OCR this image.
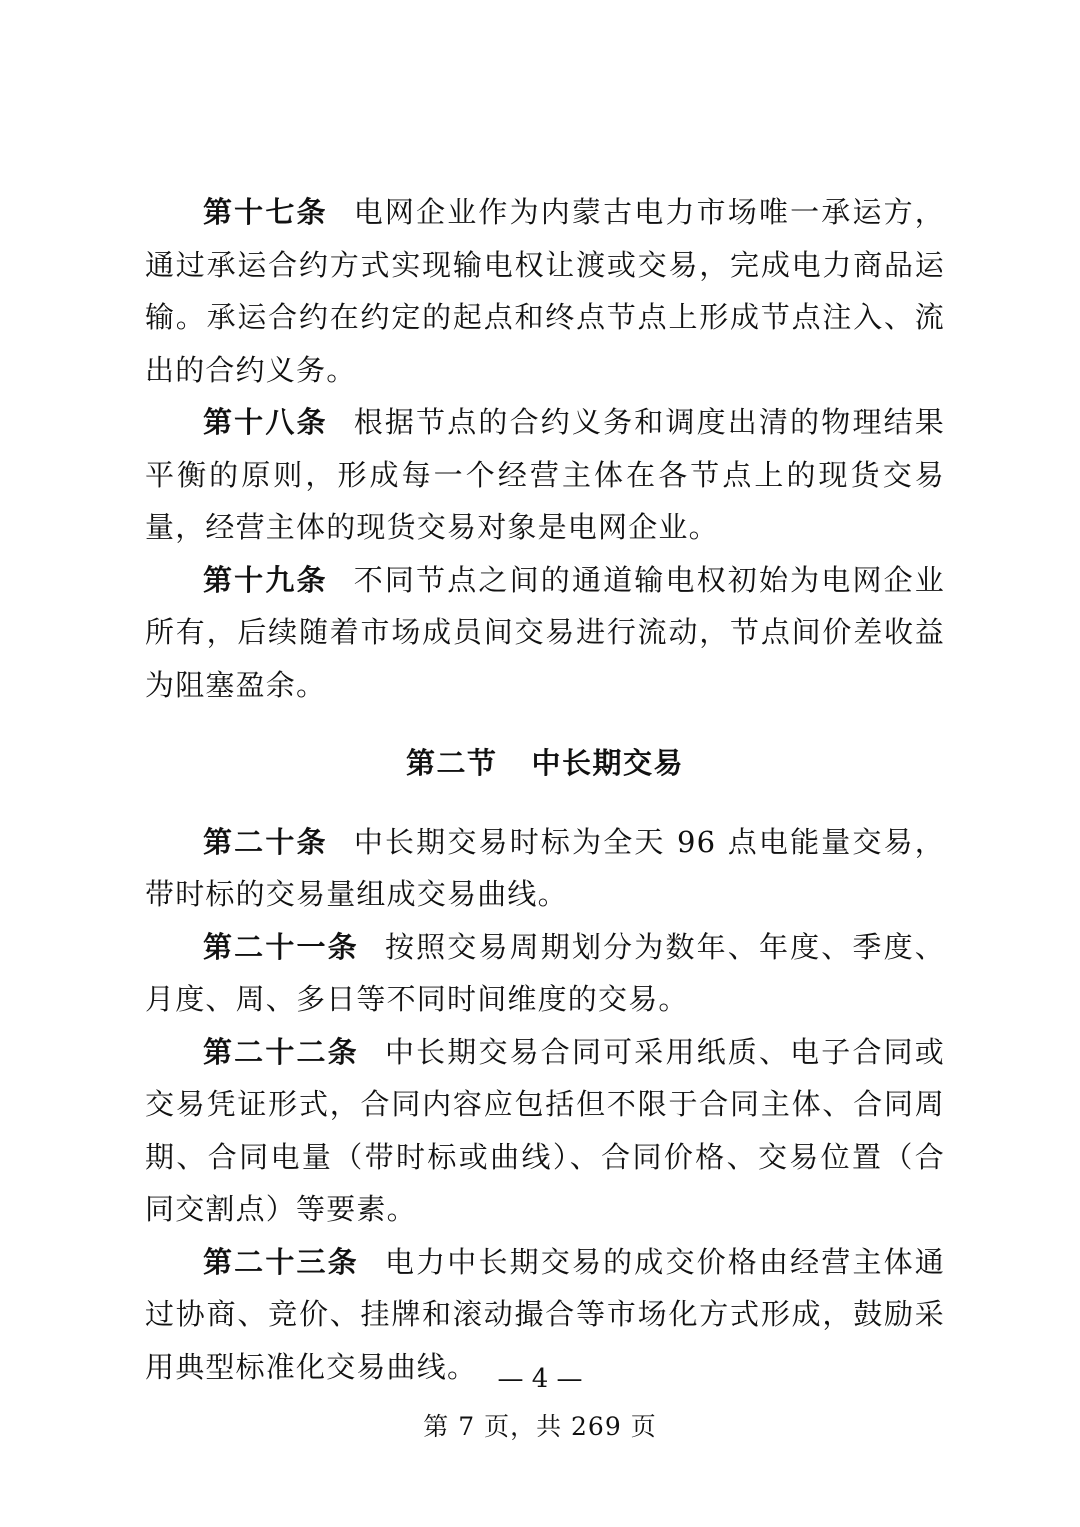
第十七条 电网企业作为内蒙古电力市场唯一承运方，通过承运合约方式实现输电权让渡或交易，完成电力商品运输。承运合约在约定的起点和终点节点上形成节点注入、流出的合约义务。

第十八条 根据节点的合约义务和调度出清的物理结果平衡的原则，形成每一个经营主体在各节点上的现货交易量，经营主体的现货交易对象是电网企业。

第十九条 不同节点之间的通道输电权初始为电网企业所有，后续随着市场成员间交易进行流动，节点间价差收益为阻塞盈余。

第二节 中长期交易

第二十条 中长期交易时标为全天 96 点电能量交易，带时标的交易量组成交易曲线。

第二十一条 按照交易周期划分为数年、年度、季度、月度、周、多日等不同时间维度的交易。

第二十二条 中长期交易合同可采用纸质、电子合同或交易凭证形式，合同内容应包括但不限于合同主体、合同周期、合同电量（带时标或曲线）、合同价格、交易位置（合同交割点）等要素。

第二十三条 电力中长期交易的成交价格由经营主体通过协商、竞价、挂牌和滚动撮合等市场化方式形成，鼓励采用典型标准化交易曲线。 — 4 —
第 7 页，共 269 页
